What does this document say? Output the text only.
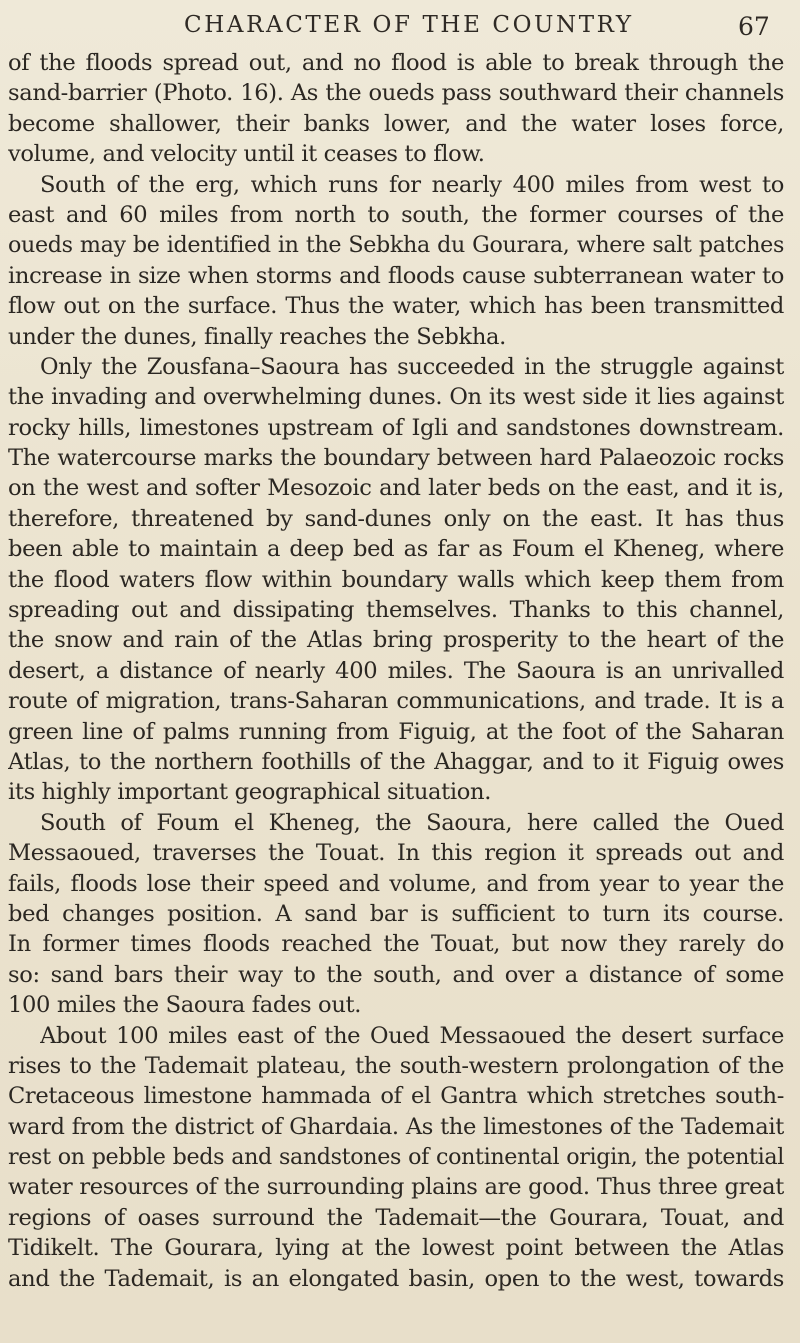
CHARACTER OF THE COUNTRY	67
of the floods spread out, and no flood is able to break through the
sand-barrier (Photo. 16). As the oueds pass southward their channels
become shallower, their banks lower, and the water loses force,
volume, and velocity until it ceases to flow.
South of the erg, which runs for nearly 400 miles from west to
east and 60 miles from north to south, the former courses of the
oueds may be identified in the Sebkha du Gourara, where salt patches
increase in size when storms and floods cause subterranean water to
flow out on the surface. Thus the water, which has been transmitted
under the dunes, finally reaches the Sebkha.
Only the Zousfana–Saoura has succeeded in the struggle against
the invading and overwhelming dunes. On its west side it lies against
rocky hills, limestones upstream of Igli and sandstones downstream.
The watercourse marks the boundary between hard Palaeozoic rocks
on the west and softer Mesozoic and later beds on the east, and it is,
therefore, threatened by sand-dunes only on the east. It has thus
been able to maintain a deep bed as far as Foum el Kheneg, where
the flood waters flow within boundary walls which keep them from
spreading out and dissipating themselves. Thanks to this channel,
the snow and rain of the Atlas bring prosperity to the heart of the
desert, a distance of nearly 400 miles. The Saoura is an unrivalled
route of migration, trans-Saharan communications, and trade. It is a
green line of palms running from Figuig, at the foot of the Saharan
Atlas, to the northern foothills of the Ahaggar, and to it Figuig owes
its highly important geographical situation.
South of Foum el Kheneg, the Saoura, here called the Oued
Messaoued, traverses the Touat. In this region it spreads out and
fails, floods lose their speed and volume, and from year to year the
bed changes position. A sand bar is sufficient to turn its course.
In former times floods reached the Touat, but now they rarely do
so: sand bars their way to the south, and over a distance of some
100 miles the Saoura fades out.
About 100 miles east of the Oued Messaoued the desert surface
rises to the Tademait plateau, the south-western prolongation of the
Cretaceous limestone hammada of el Gantra which stretches south-
ward from the district of Ghardaia. As the limestones of the Tademait
rest on pebble beds and sandstones of continental origin, the potential
water resources of the surrounding plains are good. Thus three great
regions of oases surround the Tademait—the Gourara, Touat, and
Tidikelt. The Gourara, lying at the lowest point between the Atlas
and the Tademait, is an elongated basin, open to the west, towards
